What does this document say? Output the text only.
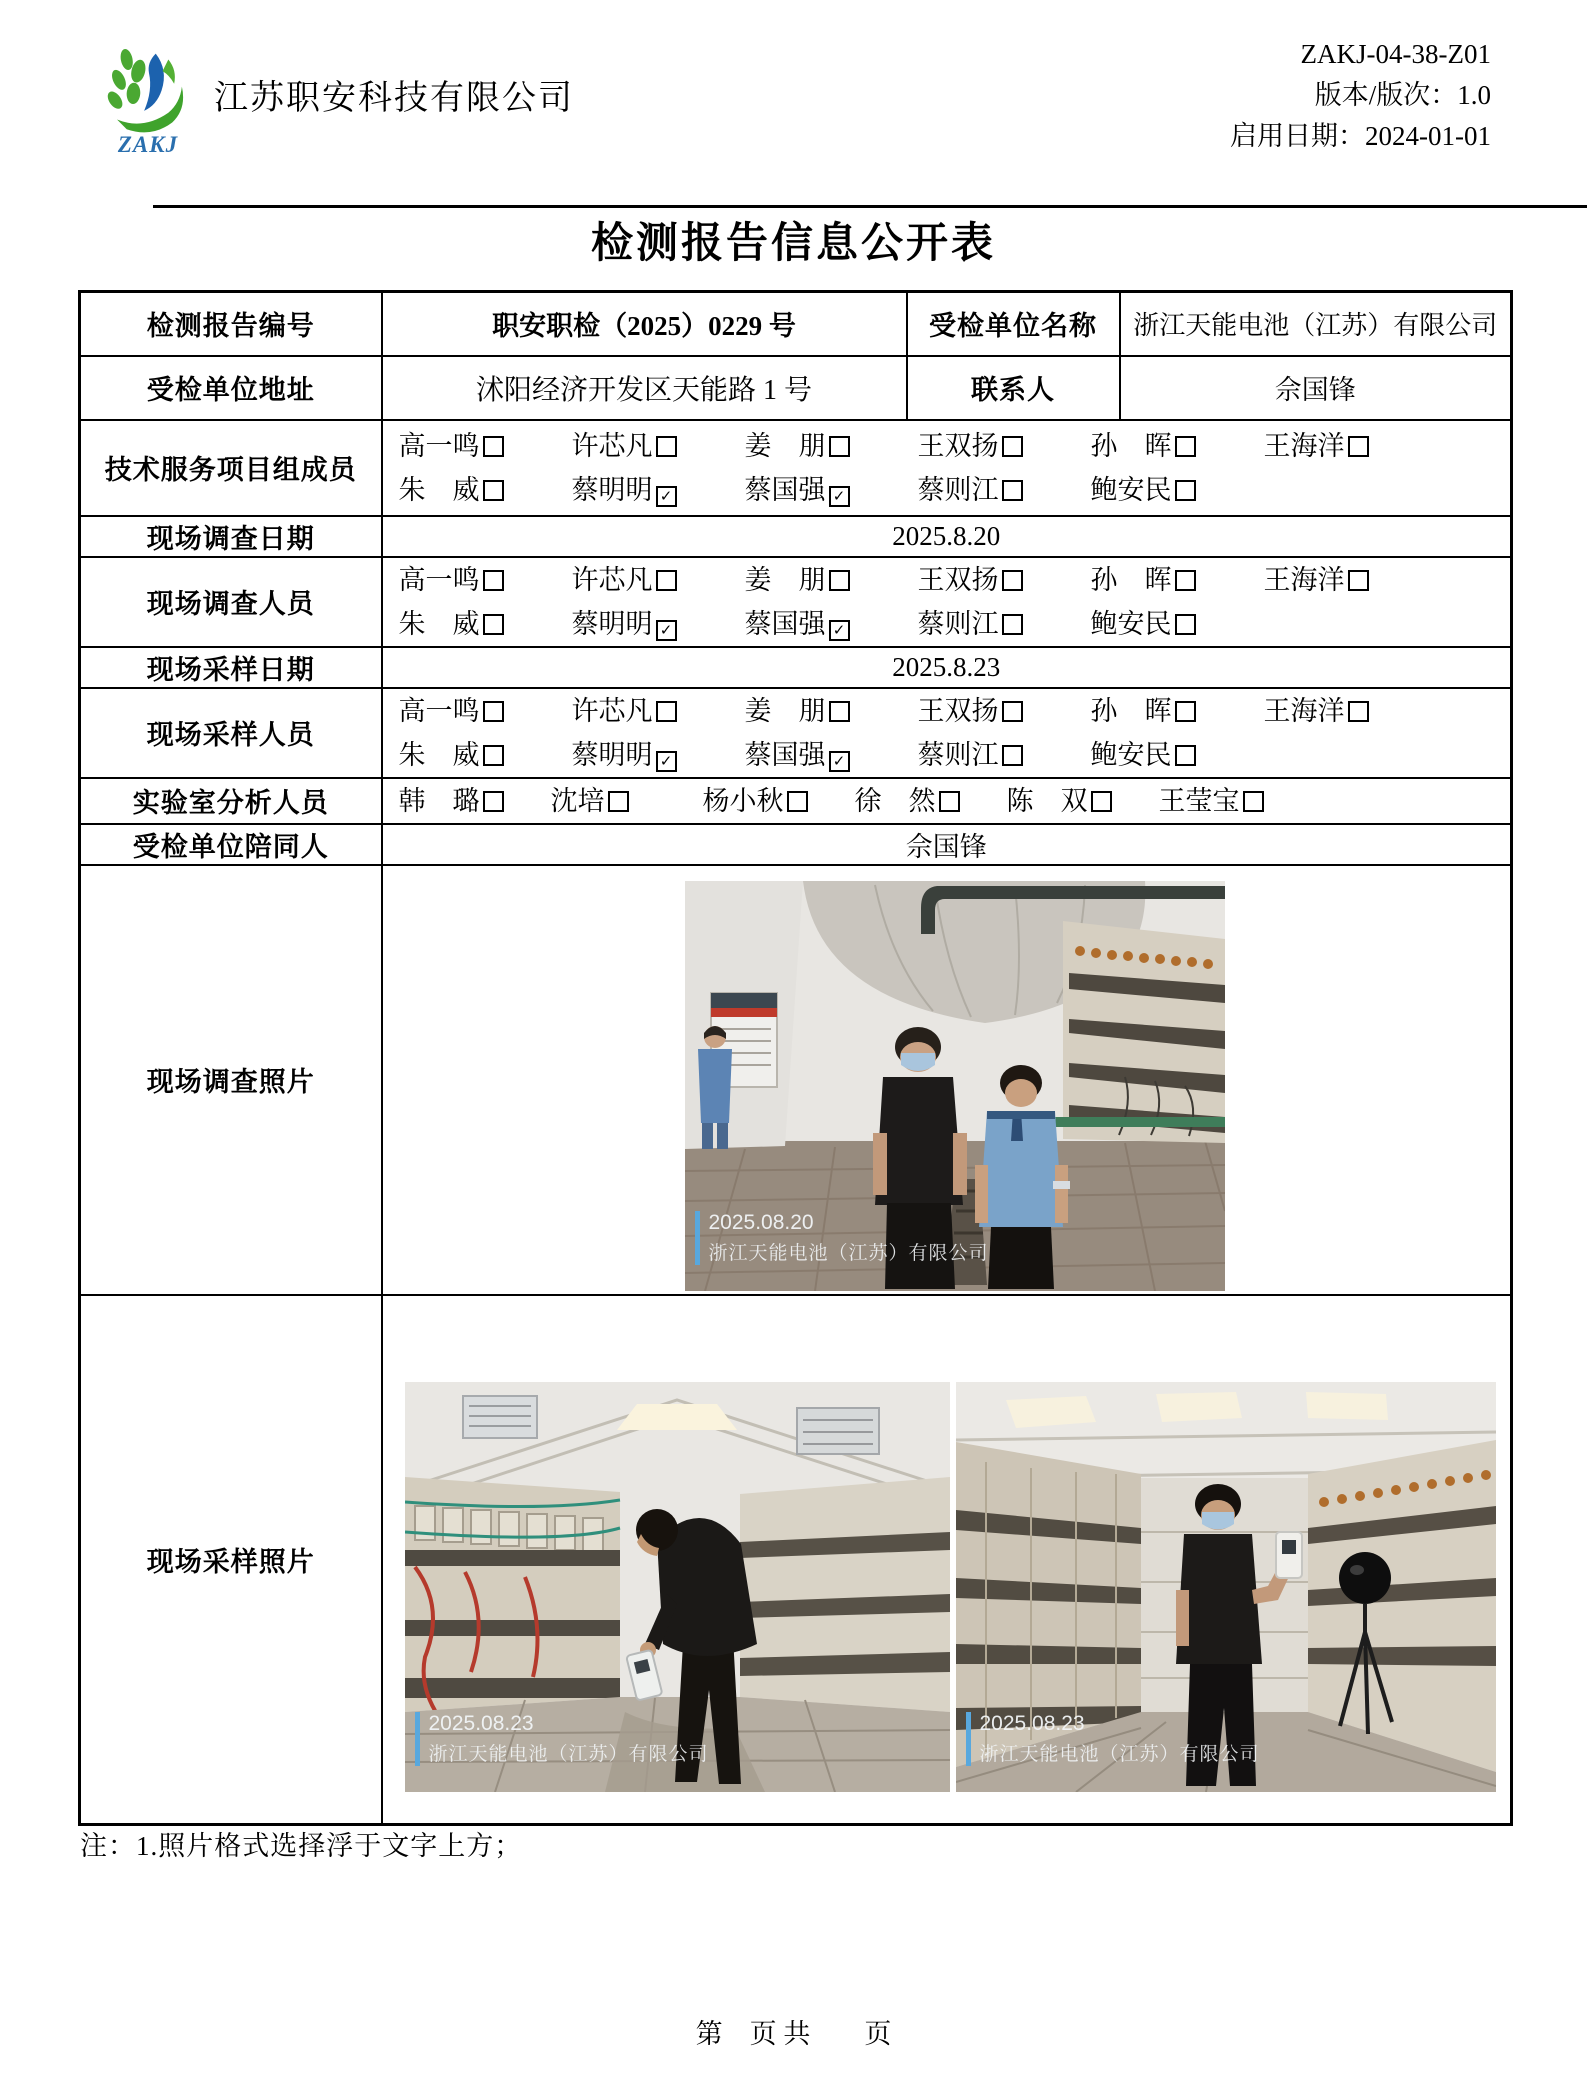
ZAKJ
江苏职安科技有限公司
ZAKJ-04-38-Z01
版本/版次：1.0
启用日期：2024-01-01
检测报告信息公开表
检测报告编号	职安职检（2025）0229 号	受检单位名称	浙江天能电池（江苏）有限公司
受检单位地址	沭阳经济开发区天能路 1 号	联系人	佘国锋
技术服务项目组成员	
高一鸣	许芯凡	姜　朋	王双扬	孙　晖	王海洋
朱　威	蔡明明 ✓	蔡国强 ✓	蔡则江	鲍安民

现场调查日期	2025.8.20		
现场调查人员	
高一鸣	许芯凡	姜　朋	王双扬	孙　晖	王海洋
朱　威	蔡明明 ✓	蔡国强 ✓	蔡则江	鲍安民

现场采样日期	2025.8.23		
现场采样人员	
高一鸣	许芯凡	姜　朋	王双扬	孙　晖	王海洋
朱　威	蔡明明 ✓	蔡国强 ✓	蔡则江	鲍安民

实验室分析人员	韩　璐	沈培	杨小秋	徐　然	陈　双	王莹宝

受检单位陪同人	佘国锋		
现场调查照片	2025.08.20
浙江天能电池（江苏）有限公司		

现场采样照片	2025.08.23
浙江天能电池（江苏）有限公司
2025.08.23
浙江天能电池（江苏）有限公司		
注：1.照片格式选择浮于文字上方；
第　页 共　　页
